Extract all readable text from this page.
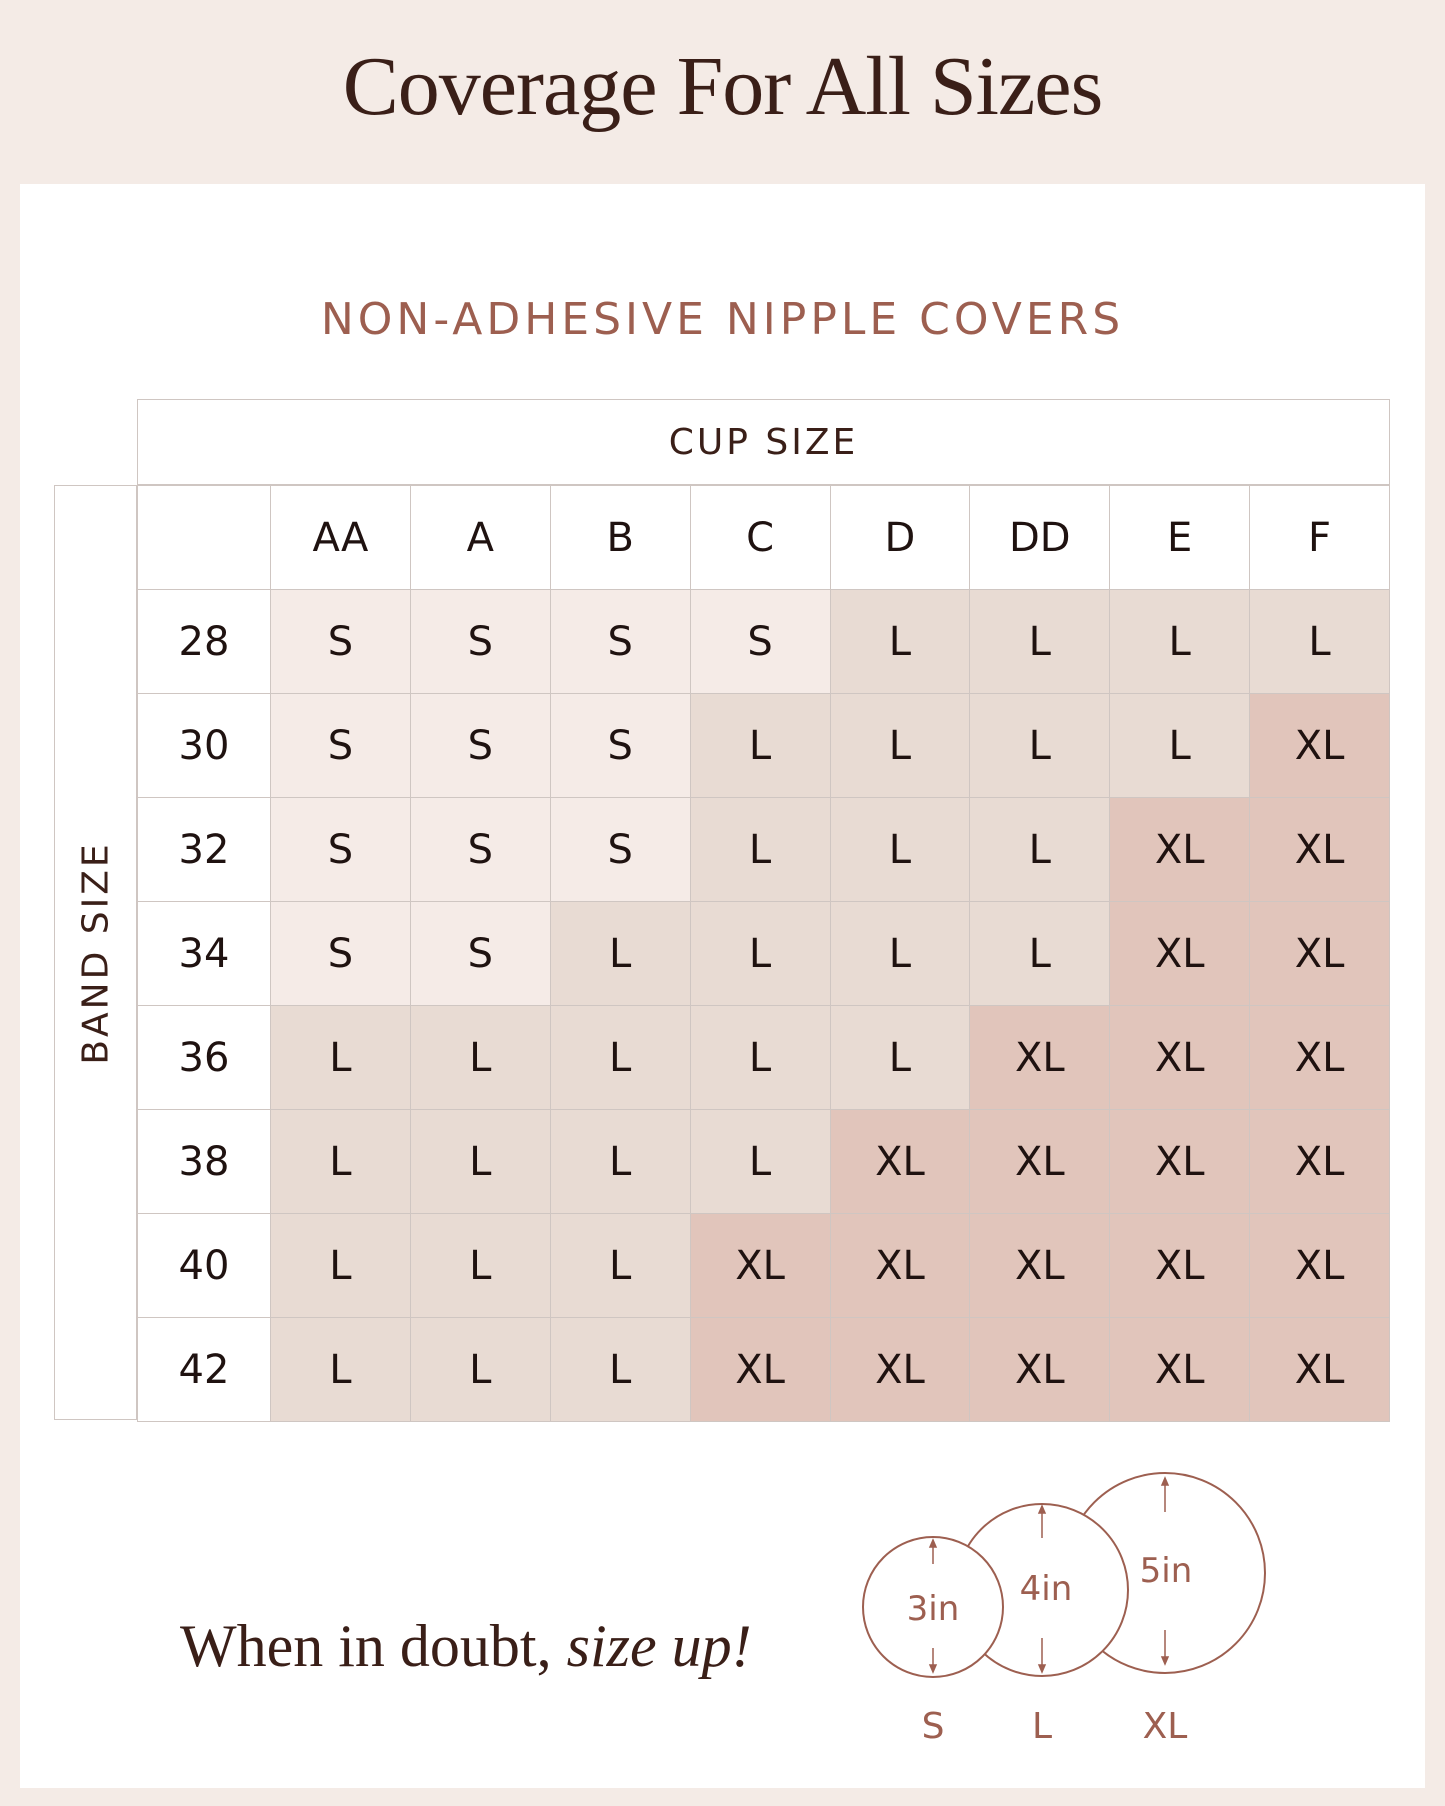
Coverage For All Sizes
NON-ADHESIVE NIPPLE COVERS
CUP SIZE
BAND SIZE
	AA	A	B	C	D	DD	E	F
28	S	S	S	S	L	L	L	L
30	S	S	S	L	L	L	L	XL
32	S	S	S	L	L	L	XL	XL
34	S	S	L	L	L	L	XL	XL
36	L	L	L	L	L	XL	XL	XL
38	L	L	L	L	XL	XL	XL	XL
40	L	L	L	XL	XL	XL	XL	XL
42	L	L	L	XL	XL	XL	XL	XL
When in doubt, size up!
3in 4in 5in
S L	XL
